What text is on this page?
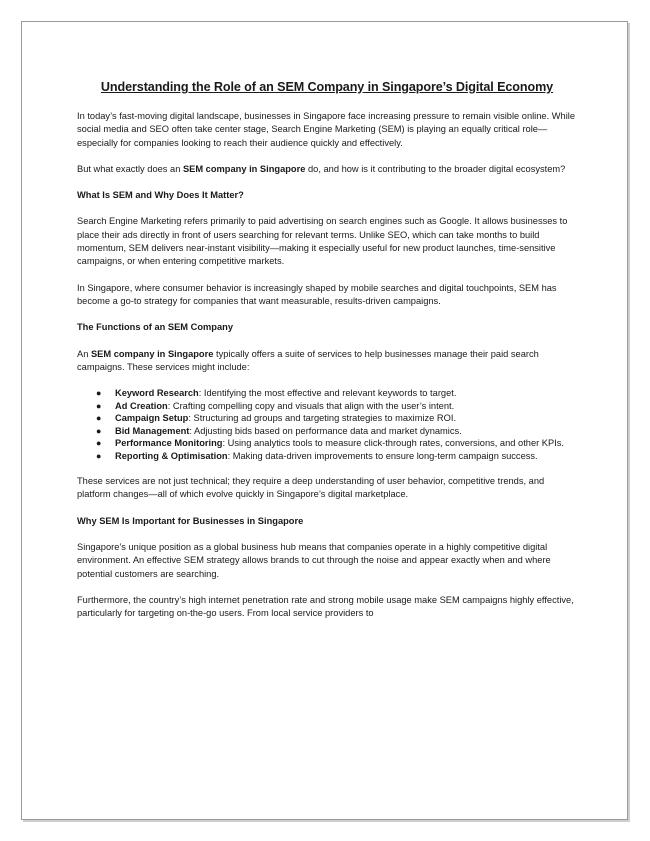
Understanding the Role of an SEM Company in Singapore’s Digital Economy

In today’s fast-moving digital landscape, businesses in Singapore face increasing pressure to remain visible online. While social media and SEO often take center stage, Search Engine Marketing (SEM) is playing an equally critical role—especially for companies looking to reach their audience quickly and effectively.

But what exactly does an SEM company in Singapore do, and how is it contributing to the broader digital ecosystem?

What Is SEM and Why Does It Matter?

Search Engine Marketing refers primarily to paid advertising on search engines such as Google. It allows businesses to place their ads directly in front of users searching for relevant terms. Unlike SEO, which can take months to build momentum, SEM delivers near-instant visibility—making it especially useful for new product launches, time-sensitive campaigns, or when entering competitive markets.

In Singapore, where consumer behavior is increasingly shaped by mobile searches and digital touchpoints, SEM has become a go-to strategy for companies that want measurable, results-driven campaigns.

The Functions of an SEM Company

An SEM company in Singapore typically offers a suite of services to help businesses manage their paid search campaigns. These services might include:

● Keyword Research: Identifying the most effective and relevant keywords to target.
● Ad Creation: Crafting compelling copy and visuals that align with the user’s intent.
● Campaign Setup: Structuring ad groups and targeting strategies to maximize ROI.
● Bid Management: Adjusting bids based on performance data and market dynamics.
● Performance Monitoring: Using analytics tools to measure click-through rates, conversions, and other KPIs.
● Reporting & Optimisation: Making data-driven improvements to ensure long-term campaign success.

These services are not just technical; they require a deep understanding of user behavior, competitive trends, and platform changes—all of which evolve quickly in Singapore’s digital marketplace.

Why SEM Is Important for Businesses in Singapore

Singapore’s unique position as a global business hub means that companies operate in a highly competitive digital environment. An effective SEM strategy allows brands to cut through the noise and appear exactly when and where potential customers are searching.

Furthermore, the country’s high internet penetration rate and strong mobile usage make SEM campaigns highly effective, particularly for targeting on-the-go users. From local service providers to
